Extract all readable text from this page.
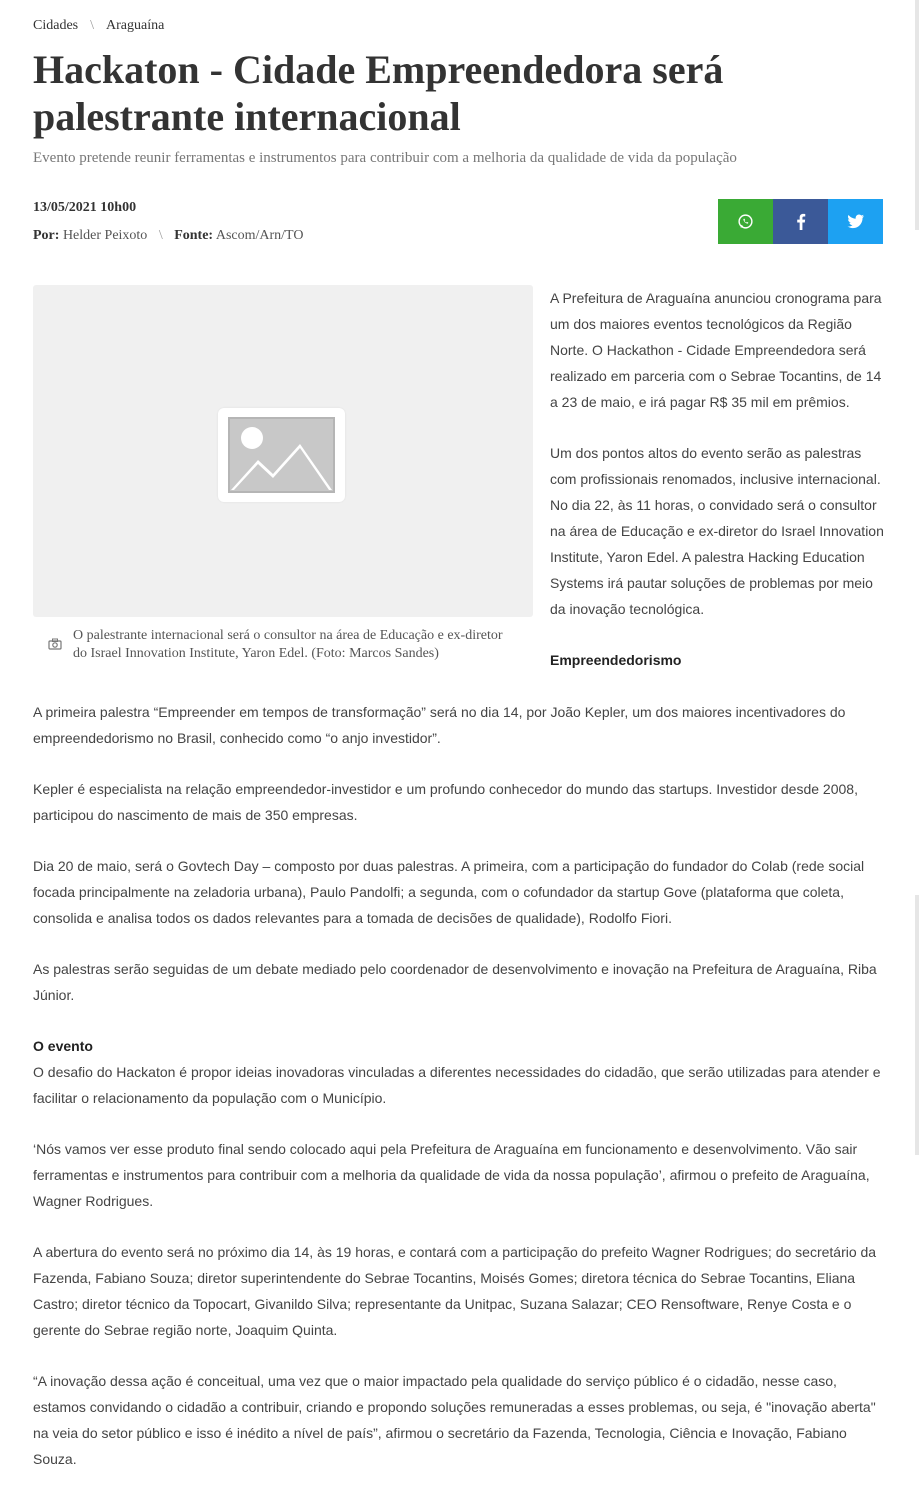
Cidades \ Araguaína
Hackaton - Cidade Empreendedora será palestrante internacional
Evento pretende reunir ferramentas e instrumentos para contribuir com a melhoria da qualidade de vida da população
13/05/2021 10h00
Por: Helder Peixoto \ Fonte: Ascom/Arn/TO
O palestrante internacional será o consultor na área de Educação e ex-diretor do Israel Innovation Institute, Yaron Edel. (Foto: Marcos Sandes)

A Prefeitura de Araguaína anunciou cronograma para um dos maiores eventos tecnológicos da Região Norte. O Hackathon - Cidade Empreendedora será realizado em parceria com o Sebrae Tocantins, de 14 a 23 de maio, e irá pagar R$ 35 mil em prêmios.

Um dos pontos altos do evento serão as palestras com profissionais renomados, inclusive internacional. No dia 22, às 11 horas, o convidado será o consultor na área de Educação e ex-diretor do Israel Innovation Institute, Yaron Edel. A palestra Hacking Education Systems irá pautar soluções de problemas por meio da inovação tecnológica.

Empreendedorismo

A primeira palestra “Empreender em tempos de transformação” será no dia 14, por João Kepler, um dos maiores incentivadores do empreendedorismo no Brasil, conhecido como “o anjo investidor”.

Kepler é especialista na relação empreendedor-investidor e um profundo conhecedor do mundo das startups. Investidor desde 2008, participou do nascimento de mais de 350 empresas.

Dia 20 de maio, será o Govtech Day – composto por duas palestras. A primeira, com a participação do fundador do Colab (rede social focada principalmente na zeladoria urbana), Paulo Pandolfi; a segunda, com o cofundador da startup Gove (plataforma que coleta, consolida e analisa todos os dados relevantes para a tomada de decisões de qualidade), Rodolfo Fiori.

As palestras serão seguidas de um debate mediado pelo coordenador de desenvolvimento e inovação na Prefeitura de Araguaína, Riba Júnior.

O evento

O desafio do Hackaton é propor ideias inovadoras vinculadas a diferentes necessidades do cidadão, que serão utilizadas para atender e facilitar o relacionamento da população com o Município.

‘Nós vamos ver esse produto final sendo colocado aqui pela Prefeitura de Araguaína em funcionamento e desenvolvimento. Vão sair ferramentas e instrumentos para contribuir com a melhoria da qualidade de vida da nossa população’, afirmou o prefeito de Araguaína, Wagner Rodrigues.

A abertura do evento será no próximo dia 14, às 19 horas, e contará com a participação do prefeito Wagner Rodrigues; do secretário da Fazenda, Fabiano Souza; diretor superintendente do Sebrae Tocantins, Moisés Gomes; diretora técnica do Sebrae Tocantins, Eliana Castro; diretor técnico da Topocart, Givanildo Silva; representante da Unitpac, Suzana Salazar; CEO Rensoftware, Renye Costa e o gerente do Sebrae região norte, Joaquim Quinta.

“A inovação dessa ação é conceitual, uma vez que o maior impactado pela qualidade do serviço público é o cidadão, nesse caso, estamos convidando o cidadão a contribuir, criando e propondo soluções remuneradas a esses problemas, ou seja, é "inovação aberta" na veia do setor público e isso é inédito a nível de país”, afirmou o secretário da Fazenda, Tecnologia, Ciência e Inovação, Fabiano Souza.
